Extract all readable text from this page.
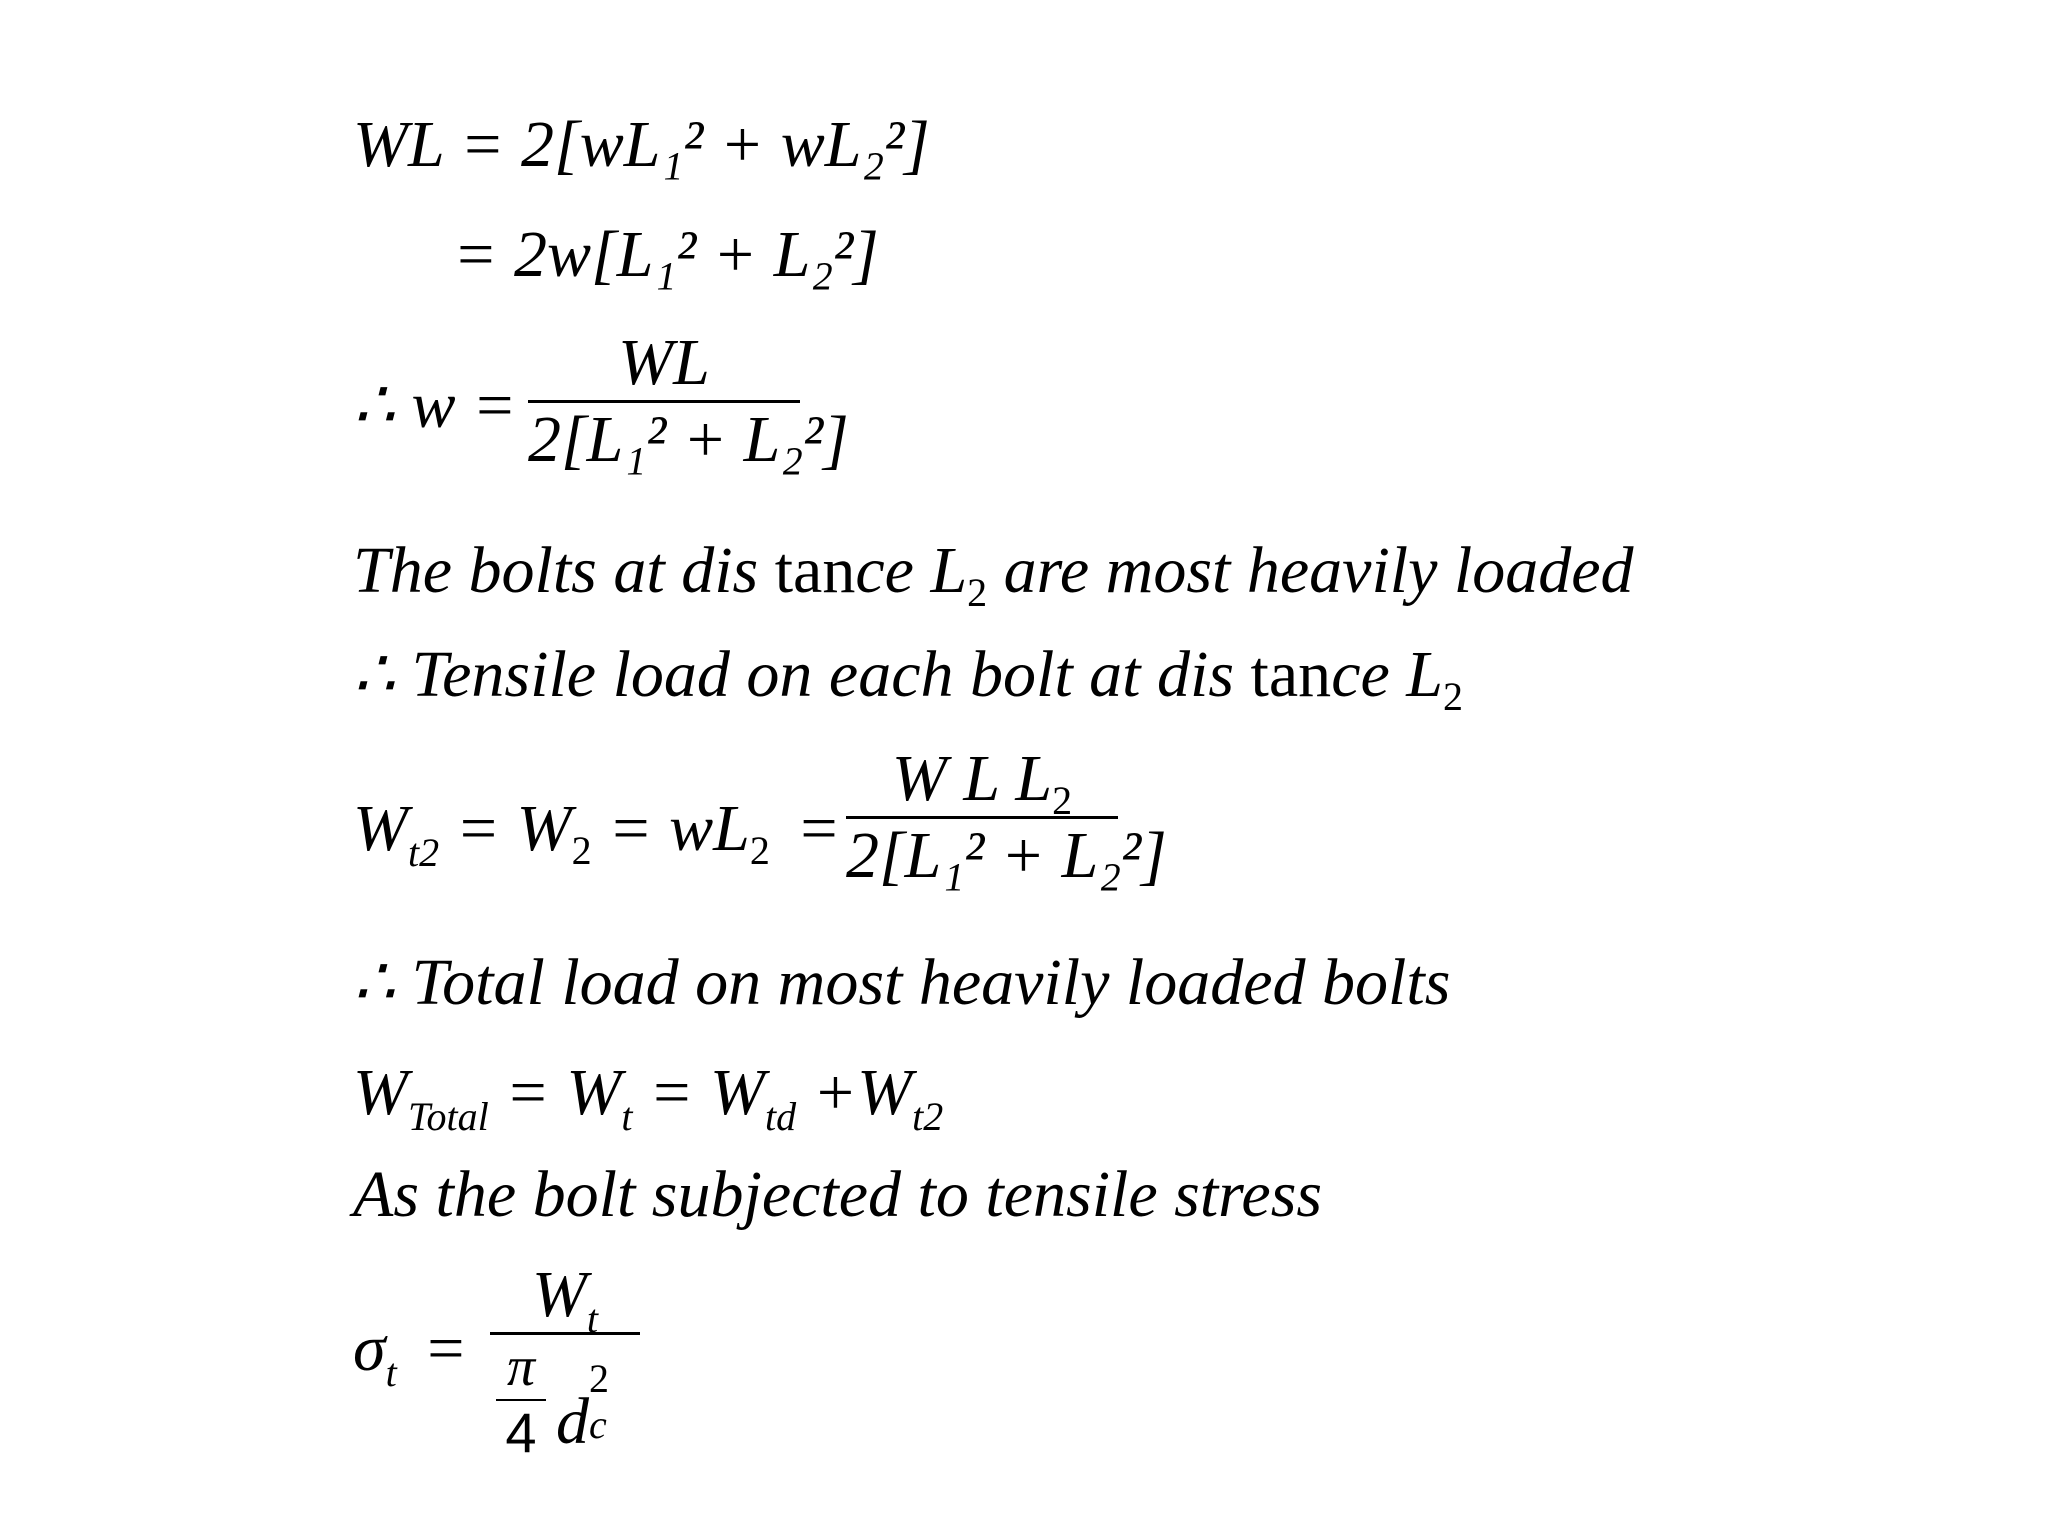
WL = 2[wL₁² + wL₂²]
= 2w[L₁² + L₂²]
∴ $w = \frac{WL}{\text{2[L₁² + L₂²]}}$
The bolts at dis tance $L_2$ are most heavily loaded
∴ Tensile load on each bolt at dis tance $L_2$
$W_{t2} = W_2 = wL_2 = \frac{W L L_2}{\text{2[L₁² + L₂²]}}$
∴ Total load on most heavily loaded bolts
$W_{Total} = W_t = W_{td} +W_{t2}$
As the bolt subjected to tensile stress
$\sigma_t = W_t$
π
4 d
2
c
